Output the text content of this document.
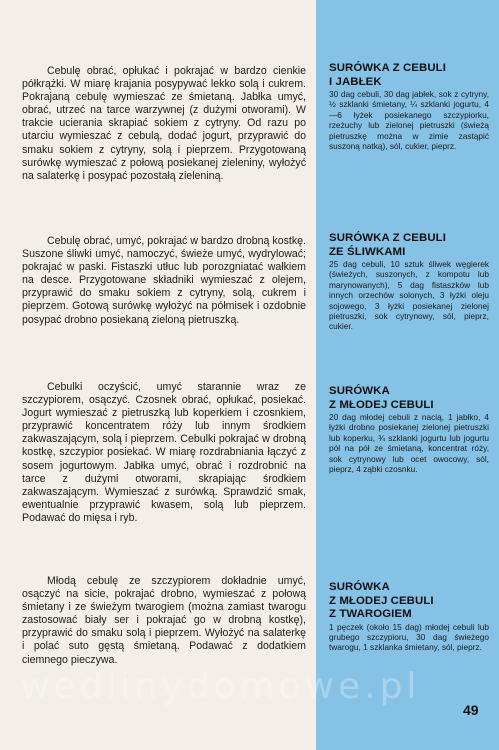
Cebulę obrać, opłukać i pokrajać w bardzo cienkie półkrążki. W miarę krajania posypywać lekko solą i cukrem. Pokrajaną cebulę wymieszać ze śmietaną. Jabłka umyć, obrać, utrzeć na tarce warzywnej (z dużymi otworami). W trakcie ucierania skrapiać sokiem z cytryny. Od razu po utarciu wymieszać z cebulą, dodać jogurt, przyprawić do smaku sokiem z cytryny, solą i pieprzem. Przygotowaną surówkę wymieszać z połową posiekanej zieleniny, wyłożyć na salaterkę i posypać pozostałą zieleniną.

SURÓWKA Z CEBULI
I JABŁEK

30 dag cebuli, 30 dag jabłek, sok z cytryny, ½ szklanki śmietany, ¼ szklanki jogurtu, 4—6 łyżek posiekanego szczypiorku, rzeżuchy lub zielonej pietruszki (świeżą pietruszkę można w zimie zastąpić suszoną natką), sól, cukier, pieprz.

Cebulę obrać, umyć, pokrajać w bardzo drobną kostkę. Suszone śliwki umyć, namoczyć, świeże umyć, wydrylować; pokrajać w paski. Fistaszki utłuc lub porozgniatać wałkiem na desce. Przygotowane składniki wymieszać z olejem, przyprawić do smaku sokiem z cytryny, solą, cukrem i pieprzem. Gotową surówkę wyłożyć na półmisek i ozdobnie posypać drobno posiekaną zieloną pietruszką.

SURÓWKA Z CEBULI
ZE ŚLIWKAMI

25 dag cebuli, 10 sztuk śliwek węgierek (świeżych, suszonych, z kompotu lub marynowanych), 5 dag fistaszków lub innych orzechów solonych, 3 łyżki oleju sojowego, 3 łyżki posiekanej zielonej pietruszki, sok cytrynowy, sól, pieprz, cukier.

Cebulki oczyścić, umyć starannie wraz ze szczypiorem, osączyć. Czosnek obrać, opłukać, posiekać. Jogurt wymieszać z pietruszką lub koperkiem i czosnkiem, przyprawić koncentratem róży lub innym środkiem zakwaszającym, solą i pieprzem. Cebulki pokrajać w drobną kostkę, szczypior posiekać. W miarę rozdrabniania łączyć z sosem jogurtowym. Jabłka umyć, obrać i rozdrobnić na tarce z dużymi otworami, skrapiając środkiem zakwaszającym. Wymieszać z surówką. Sprawdzić smak, ewentualnie przyprawić kwasem, solą lub pieprzem. Podawać do mięsa i ryb.

SURÓWKA
Z MŁODEJ CEBULI

20 dag młodej cebuli z nacią, 1 jabłko, 4 łyżki drobno posiekanej zielonej pietruszki lub koperku, ¾ szklanki jogurtu lub jogurtu pół na pół ze śmietaną, koncentrat róży, sok cytrynowy lub ocet owocowy, sól, pieprz, 4 ząbki czosnku.

Młodą cebulę ze szczypiorem dokładnie umyć, osączyć na sicie, pokrajać drobno, wymieszać z połową śmietany i ze świeżym twarogiem (można zamiast twarogu zastosować biały ser i pokrajać go w drobną kostkę), przyprawić do smaku solą i pieprzem. Wyłożyć na salaterkę i polać suto gęstą śmietaną. Podawać z dodatkiem ciemnego pieczywa.

SURÓWKA
Z MŁODEJ CEBULI
Z TWAROGIEM

1 pęczek (około 15 dag) młodej cebuli lub grubego szczypioru, 30 dag świeżego twarogu, 1 szklanka śmietany, sól, pieprz.

wedlinydomowe.pl
49
